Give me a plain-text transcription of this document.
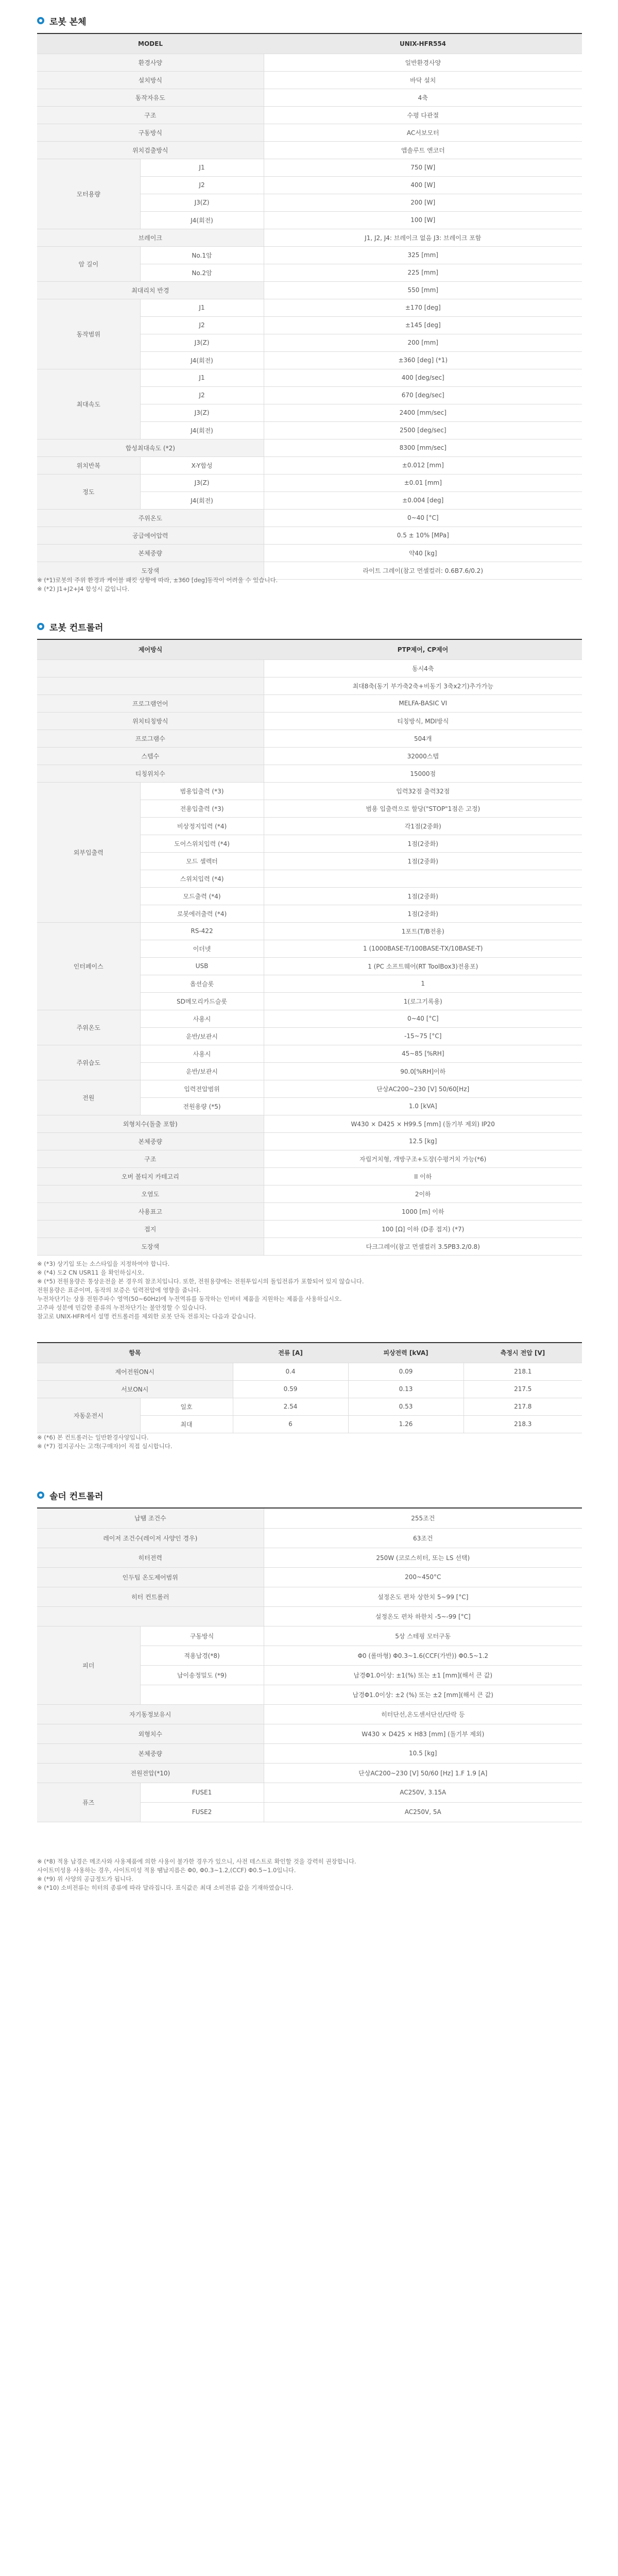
로봇 본체
MODEL		UNIX-HFR554
환경사양		일반환경사양
설치방식		바닥 설치
동작자유도		4축
구조		수평 다관절
구동방식		AC서보모터
위치검출방식		앱솔루트 엔코더
모터용량	J1	750 [W]
	J2	400 [W]
	J3(Z)	200 [W]
	J4(회전)	100 [W]
브레이크		J1, J2, J4: 브레이크 없음 J3: 브레이크 포함
암 길이	No.1암	325 [mm]
	No.2암	225 [mm]
최대리치 반경		550 [mm]
동작범위	J1	±170 [deg]
	J2	±145 [deg]
	J3(Z)	200 [mm]
	J4(회전)	±360 [deg] (*1)
최대속도	J1	400 [deg/sec]
	J2	670 [deg/sec]
	J3(Z)	2400 [mm/sec]
	J4(회전)	2500 [deg/sec]
합성최대속도 (*2)		8300 [mm/sec]
위치반복	X-Y합성	±0.012 [mm]
정도	J3(Z)	±0.01 [mm]
	J4(회전)	±0.004 [deg]
주위온도		0~40 [°C]
공급에어압력		0.5 ± 10% [MPa]
본체중량		약40 [kg]
도장색		라이트 그레이(참고 먼셀컬러: 0.6B7.6/0.2)
※ (*1)로봇의 주위 환경과 케이블 패킷 상황에 따라, ±360 [deg]동작이 어려울 수 있습니다.
※ (*2) J1+J2+J4 합성시 값입니다.
로봇 컨트롤러
제어방식		PTP제어, CP제어
		동시4축
		최대8축(동기 부가축2축+비동기 3축x2기)추가가능
프로그램언어		MELFA-BASIC VI
위치티칭방식		티칭방식, MDI방식
프로그램수		504개
스텝수		32000스텝
티칭위치수		15000점
외부입출력	범용입출력 (*3)	입력32점 출력32점
	전용입출력 (*3)	범용 입출력으로 할당("STOP"1점은 고정)
	비상정지입력 (*4)	각1점(2중화)
	도어스위치입력 (*4)	1점(2중화)
	모드 셀렉터	1점(2중화)
	스위치입력 (*4)	
	모드출력 (*4)	1점(2중화)
	로봇에러출력 (*4)	1점(2중화)
인터페이스	RS-422	1포트(T/B전용)
	이더넷	1 (1000BASE-T/100BASE-TX/10BASE-T)
	USB	1 (PC 소프트웨어(RT ToolBox3)전용포)
	옵션슬롯	1
	SD메모리카드슬롯	1(로그기록용)
주위온도	사용시	0~40 [°C]
	운반/보관시	-15~75 [°C]
주위습도	사용시	45~85 [%RH]
	운반/보관시	90.0[%RH]이하
전원	입력전압범위	단상AC200~230 [V] 50/60[Hz]
	전원용량 (*5)	1.0 [kVA]
외형치수(돌출 포함)		W430 × D425 × H99.5 [mm] (돌기부 제외) IP20
본체중량		12.5 [kg]
구조		자립거치형, 개방구조+도장(수평거치 가능(*6)
오버 볼티지 카테고리		II 이하
오염도		2이하
사용표고		1000 [m] 이하
접지		100 [Ω] 이하 (D종 접지) (*7)
도장색		다크그레이(참고 먼셀컬러 3.5PB3.2/0.8)
※ (*3) 상기입 또는 소스타입을 지정하여야 합니다.
※ (*4) 도2 CN USR11 을 확인하십시오.
※ (*5) 전원용량은 통상운전을 본 경우의 참조치입니다. 또한, 전원용량에는 전원투입시의 돌입전류가 포함되어 있지 않습니다.
전원용량은 표준이며, 동작의 보증은 입력전압에 영향을 줍니다.
누전차단기는 상용 전원주파수 영역(50~60Hz)에 누전역류를 동작하는 인버터 제품을 지원하는 제품을 사용하십시오.
고주파 성분에 민감한 종류의 누전차단기는 불안정할 수 있습니다.
참고로 UNIX-HFR에서 설명 컨트롤러를 제외한 로봇 단독 전류치는 다음과 같습니다.
항목		전류 [A]	피상전력 [kVA]	측정시 전압 [V]
제어전원ON시		0.4	0.09	218.1
서보ON시		0.59	0.13	217.5
자동운전시	일호	2.54	0.53	217.8
	최대	6	1.26	218.3
※ (*6) 본 컨트롤러는 일반환경사양입니다.
※ (*7) 접지공사는 고객(구매자)이 직접 실시합니다.
솔더 컨트롤러
납땜 조건수		255조건
레이저 조건수(레이저 사양인 경우)		63조건
히터전력		250W (코로스히터, 또는 LS 선택)
인두팁 온도제어범위		200~450°C
히터 컨트롤러		설정온도 편차 상한치 5~99 [°C]
		설정온도 편차 하한치 -5~-99 [°C]
피더	구동방식	5상 스테핑 모터구동
	적용납경(*8)	Φ0 (롤마형) Φ0.3~1.6(CCF(가반)) Φ0.5~1.2
	납이송정밀도 (*9)	납경Φ1.0이상: ±1(%) 또는 ±1 [mm](해서 큰 값)
		납경Φ1.0이상: ±2 (%) 또는 ±2 [mm](해서 큰 값)
자기동정보유시		히터단선,온도센서단선/단락 등
외형치수		W430 × D425 × H83 [mm] (돌기부 제외)
본체중량		10.5 [kg]
전원전압(*10)		단상AC200~230 [V] 50/60 [Hz] 1.F 1.9 [A]
퓨즈	FUSE1	AC250V, 3.15A
	FUSE2	AC250V, 5A
※ (*8) 적용 납경은 메조사와 사용제품에 의한 사용이 불가한 경우가 있으니, 사전 테스트로 확인할 것을 강력히 권장합니다.
사이트미성용 사용하는 경우, 사이트미성 적용 땜납지름은 Φ0, Φ0.3~1.2,(CCF) Φ0.5~1.0입니다.
※ (*9) 위 사양의 공급정도가 됩니다.
※ (*10) 소비전류는 히터의 종류에 따라 달라집니다. 표식값은 최대 소비전류 값을 기재하였습니다.
